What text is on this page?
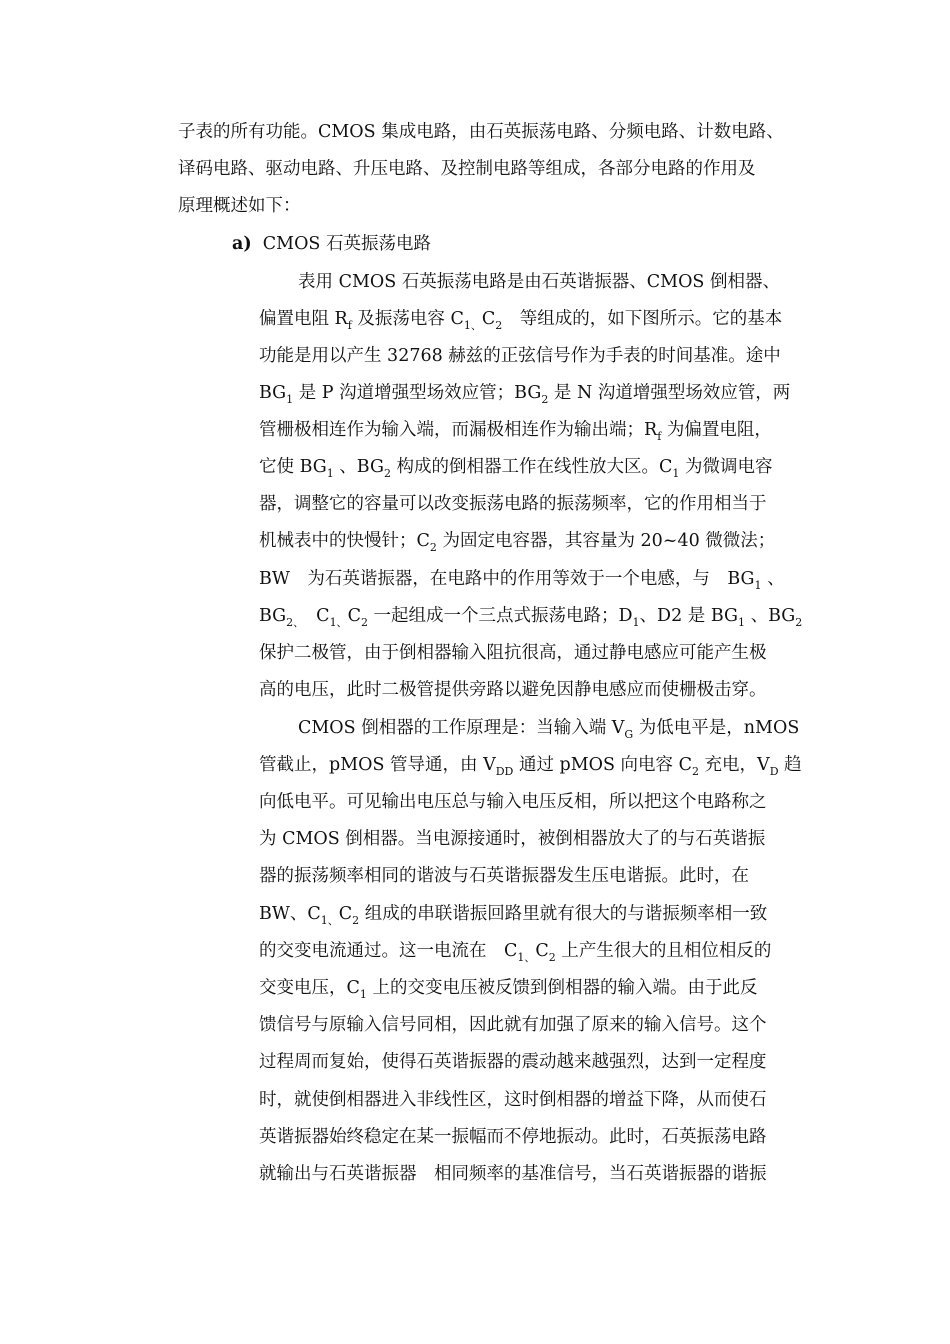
子表的所有功能。CMOS 集成电路，由石英振荡电路、分频电路、计数电路、
译码电路、驱动电路、升压电路、及控制电路等组成，各部分电路的作用及
原理概述如下：
a) CMOS 石英振荡电路
表用 CMOS 石英振荡电路是由石英谐振器、CMOS 倒相器、
偏置电阻 $R_f$ 及振荡电容 $C_{1、}C_2$　等组成的，如下图所示。它的基本
功能是用以产生 32768 赫兹的正弦信号作为手表的时间基准。途中
$BG_1$ 是 P 沟道增强型场效应管；$BG_2$ 是 N 沟道增强型场效应管，两
管栅极相连作为输入端，而漏极相连作为输出端；$R_f$ 为偏置电阻，
它使 $BG_1$ 、$BG_2$ 构成的倒相器工作在线性放大区。$C_1$ 为微调电容
器，调整它的容量可以改变振荡电路的振荡频率，它的作用相当于
机械表中的快慢针；$C_2$ 为固定电容器，其容量为 20~40 微微法；
BW　为石英谐振器，在电路中的作用等效于一个电感，与　$BG_1$ 、
$BG_{2、}$　$C_{1、}C_2$ 一起组成一个三点式振荡电路；$D_1$、D2 是 $BG_1$ 、$BG_2$
保护二极管，由于倒相器输入阻抗很高，通过静电感应可能产生极
高的电压，此时二极管提供旁路以避免因静电感应而使栅极击穿。
CMOS 倒相器的工作原理是：当输入端 $V_G$ 为低电平是，nMOS
管截止，pMOS 管导通，由 $V_{DD}$ 通过 pMOS 向电容 $C_2$ 充电，$V_D$ 趋
向低电平。可见输出电压总与输入电压反相，所以把这个电路称之
为 CMOS 倒相器。当电源接通时，被倒相器放大了的与石英谐振
器的振荡频率相同的谐波与石英谐振器发生压电谐振。此时，在
BW、$C_{1、}C_2$ 组成的串联谐振回路里就有很大的与谐振频率相一致
的交变电流通过。这一电流在　$C_{1、}C_2$ 上产生很大的且相位相反的
交变电压，$C_1$ 上的交变电压被反馈到倒相器的输入端。由于此反
馈信号与原输入信号同相，因此就有加强了原来的输入信号。这个
过程周而复始，使得石英谐振器的震动越来越强烈，达到一定程度
时，就使倒相器进入非线性区，这时倒相器的增益下降，从而使石
英谐振器始终稳定在某一振幅而不停地振动。此时，石英振荡电路
就输出与石英谐振器　相同频率的基准信号，当石英谐振器的谐振
